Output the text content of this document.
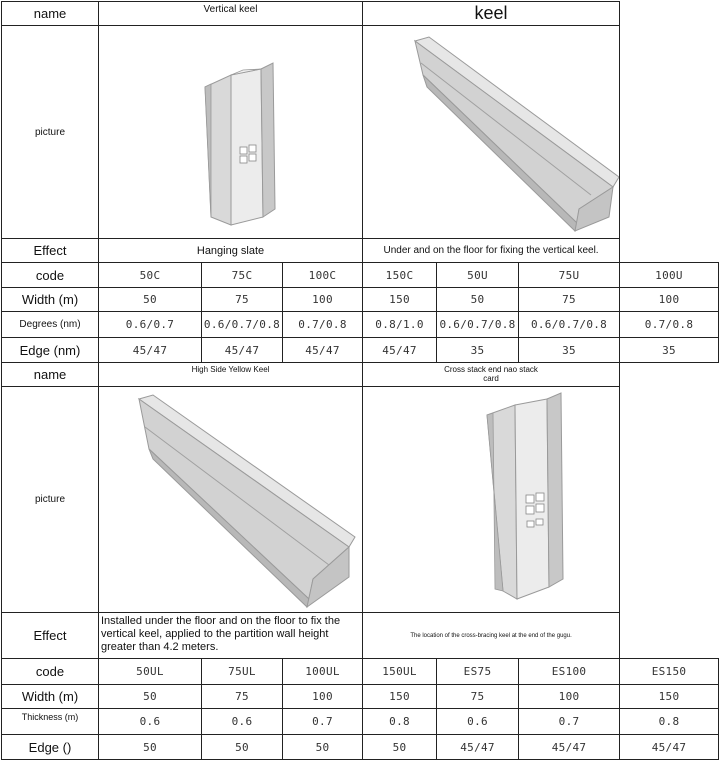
name	Vertical keel			keel			
picture	

Effect	Hanging slate			Under and on the floor for fixing the vertical keel.			
code	50C	75C	100C	150C	50U	75U	100U
Width (m)	50	75	100	150	50	75	100
Degrees (nm)	0.6/0.7	0.6/0.7/0.8	0.7/0.8	0.8/1.0	0.6/0.7/0.8	0.6/0.7/0.8	0.7/0.8
Edge (nm)	45/47	45/47	45/47	45/47	35	35	35
name	High Side Yellow Keel			Cross stack end nao stack card			

picture	

Effect	Installed under the floor and on the floor to fix the vertical keel, applied to the partition wall height greater than 4.2 meters.			The location of the cross-bracing keel at the end of the gugu.			
code	50UL	75UL	100UL	150UL	ES75	ES100	ES150
Width (m)	50	75	100	150	75	100	150
Thickness (m)	0.6	0.6	0.7	0.8	0.6	0.7	0.8
Edge ()	50	50	50	50	45/47	45/47	45/47
